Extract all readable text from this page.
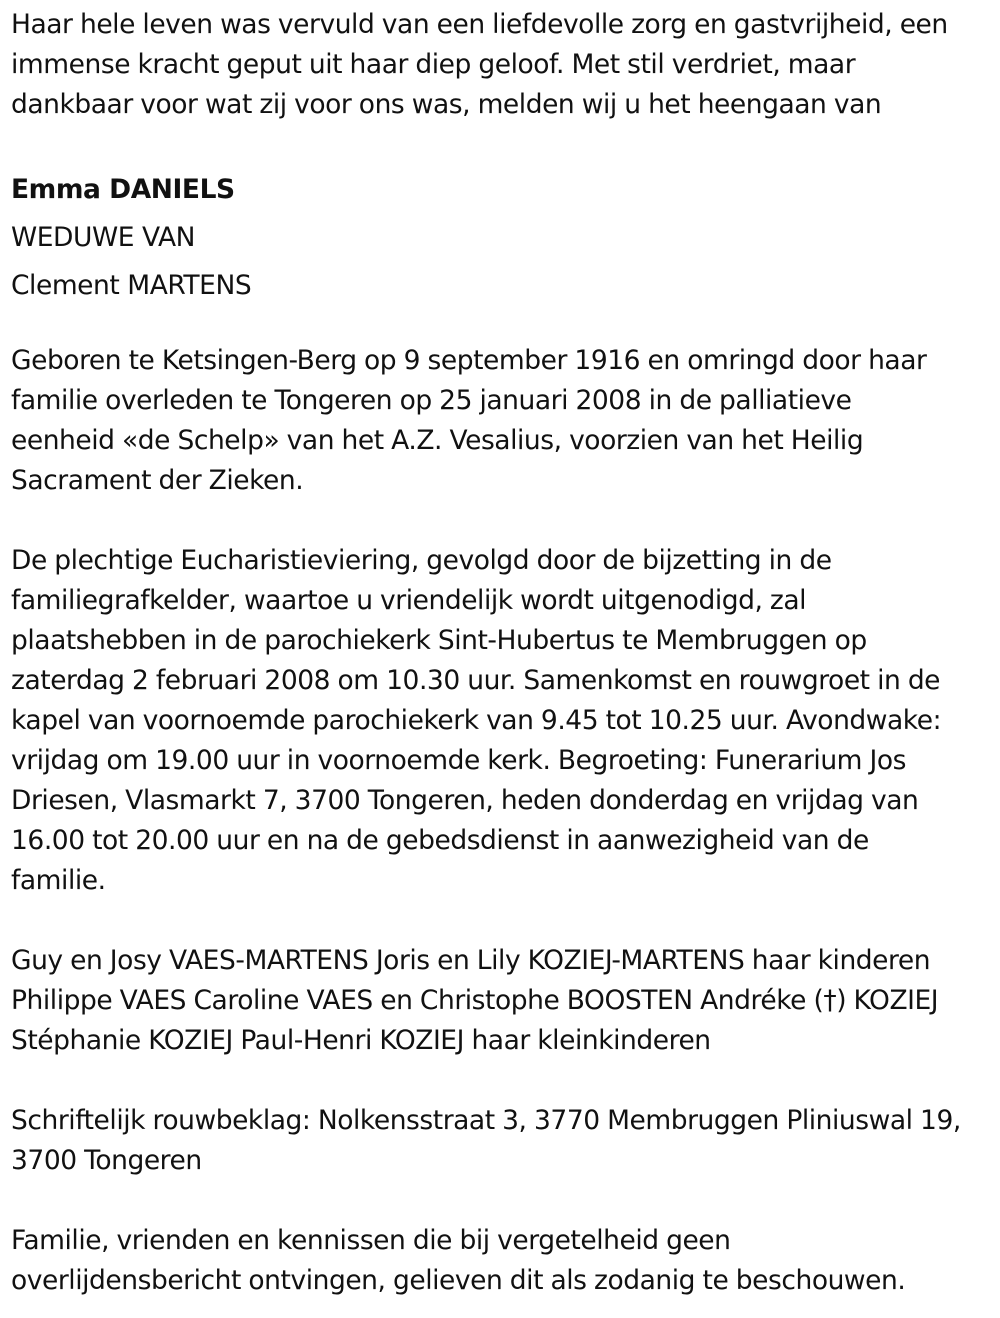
Haar hele leven was vervuld van een liefdevolle zorg en gastvrijheid, een
immense kracht geput uit haar diep geloof. Met stil verdriet, maar
dankbaar voor wat zij voor ons was, melden wij u het heengaan van

Emma DANIELS

WEDUWE VAN

Clement MARTENS

Geboren te Ketsingen-Berg op 9 september 1916 en omringd door haar
familie overleden te Tongeren op 25 januari 2008 in de palliatieve
eenheid «de Schelp» van het A.Z. Vesalius, voorzien van het Heilig
Sacrament der Zieken.

De plechtige Eucharistieviering, gevolgd door de bijzetting in de
familiegrafkelder, waartoe u vriendelijk wordt uitgenodigd, zal
plaatshebben in de parochiekerk Sint-Hubertus te Membruggen op
zaterdag 2 februari 2008 om 10.30 uur. Samenkomst en rouwgroet in de
kapel van voornoemde parochiekerk van 9.45 tot 10.25 uur. Avondwake:
vrijdag om 19.00 uur in voornoemde kerk. Begroeting: Funerarium Jos
Driesen, Vlasmarkt 7, 3700 Tongeren, heden donderdag en vrijdag van
16.00 tot 20.00 uur en na de gebedsdienst in aanwezigheid van de
familie.

Guy en Josy VAES-MARTENS Joris en Lily KOZIEJ-MARTENS haar kinderen
Philippe VAES Caroline VAES en Christophe BOOSTEN Andréke (†) KOZIEJ
Stéphanie KOZIEJ Paul-Henri KOZIEJ haar kleinkinderen

Schriftelijk rouwbeklag: Nolkensstraat 3, 3770 Membruggen Pliniuswal 19,
3700 Tongeren

Familie, vrienden en kennissen die bij vergetelheid geen
overlijdensbericht ontvingen, gelieven dit als zodanig te beschouwen.
